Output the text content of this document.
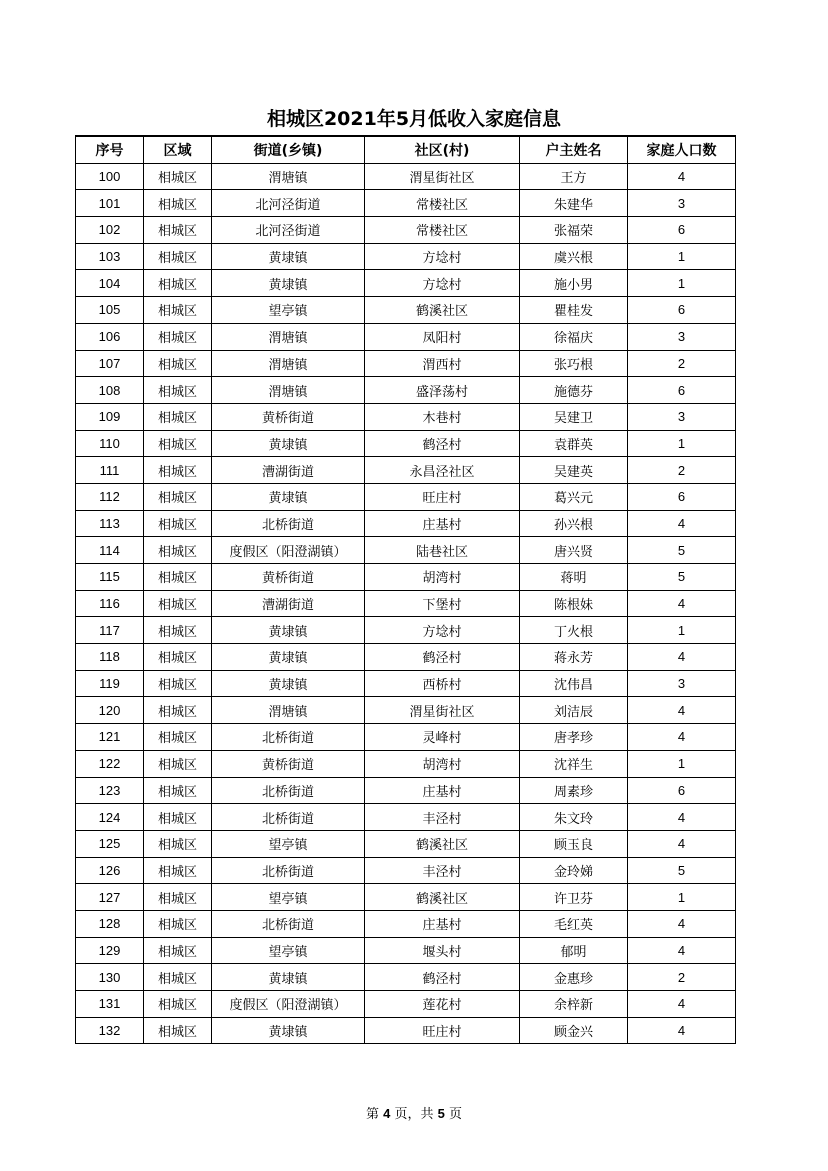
相城区2021年5月低收入家庭信息
序号	区域	街道(乡镇)	社区(村)	户主姓名	家庭人口数
100	相城区	渭塘镇	渭星街社区	王方	4
101	相城区	北河泾街道	常楼社区	朱建华	3
102	相城区	北河泾街道	常楼社区	张福荣	6
103	相城区	黄埭镇	方埝村	虞兴根	1
104	相城区	黄埭镇	方埝村	施小男	1
105	相城区	望亭镇	鹤溪社区	瞿桂发	6
106	相城区	渭塘镇	凤阳村	徐福庆	3
107	相城区	渭塘镇	渭西村	张巧根	2
108	相城区	渭塘镇	盛泽荡村	施德芬	6
109	相城区	黄桥街道	木巷村	吴建卫	3
110	相城区	黄埭镇	鹤泾村	袁群英	1
111	相城区	漕湖街道	永昌泾社区	吴建英	2
112	相城区	黄埭镇	旺庄村	葛兴元	6
113	相城区	北桥街道	庄基村	孙兴根	4
114	相城区	度假区（阳澄湖镇）	陆巷社区	唐兴贤	5
115	相城区	黄桥街道	胡湾村	蒋明	5
116	相城区	漕湖街道	下堡村	陈根妹	4
117	相城区	黄埭镇	方埝村	丁火根	1
118	相城区	黄埭镇	鹤泾村	蒋永芳	4
119	相城区	黄埭镇	西桥村	沈伟昌	3
120	相城区	渭塘镇	渭星街社区	刘洁辰	4
121	相城区	北桥街道	灵峰村	唐孝珍	4
122	相城区	黄桥街道	胡湾村	沈祥生	1
123	相城区	北桥街道	庄基村	周素珍	6
124	相城区	北桥街道	丰泾村	朱文玲	4
125	相城区	望亭镇	鹤溪社区	顾玉良	4
126	相城区	北桥街道	丰泾村	金玲娣	5
127	相城区	望亭镇	鹤溪社区	许卫芬	1
128	相城区	北桥街道	庄基村	毛红英	4
129	相城区	望亭镇	堰头村	郁明	4
130	相城区	黄埭镇	鹤泾村	金惠珍	2
131	相城区	度假区（阳澄湖镇）	莲花村	余梓新	4
132	相城区	黄埭镇	旺庄村	顾金兴	4
第 4 页，共 5 页
